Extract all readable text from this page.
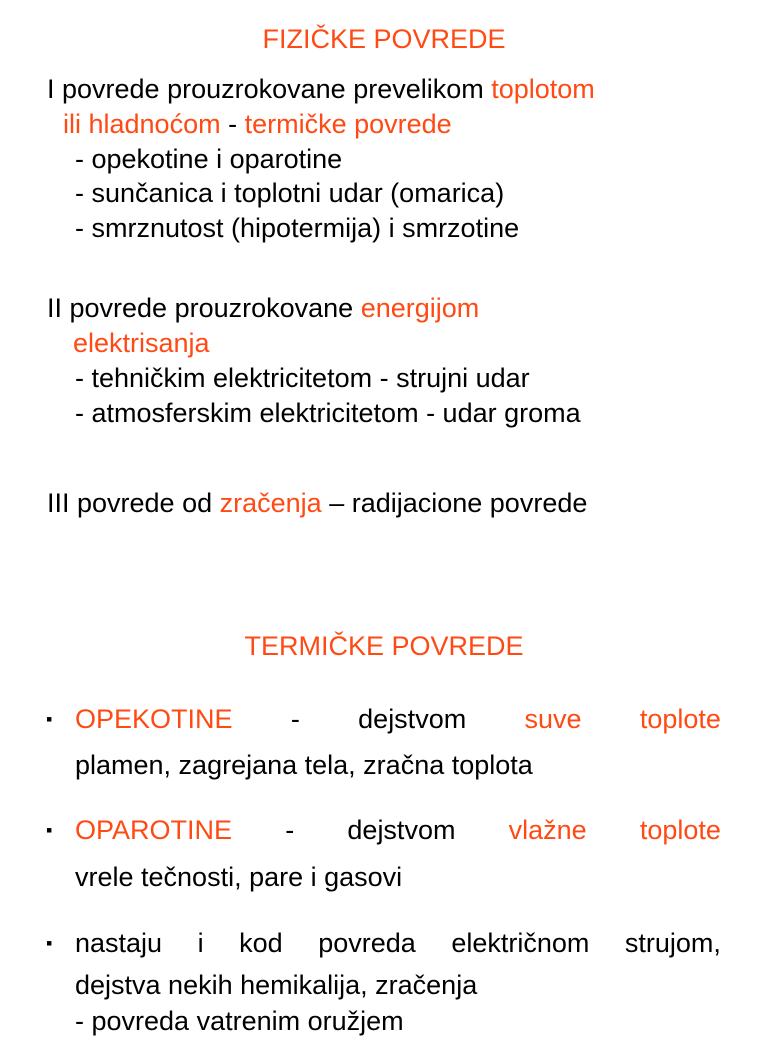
FIZIČKE POVREDE
I povrede prouzrokovane prevelikom toplotom
ili hladnoćom - termičke povrede
- opekotine i oparotine
- sunčanica i toplotni udar (omarica)
- smrznutost (hipotermija) i smrzotine
II povrede prouzrokovane energijom
elektrisanja
- tehničkim elektricitetom - strujni udar
- atmosferskim elektricitetom - udar groma
III povrede od zračenja – radijacione povrede
TERMIČKE POVREDE
▪ OPEKOTINE - dejstvom suve toplote
plamen, zagrejana tela, zračna toplota
▪ OPAROTINE - dejstvom vlažne toplote
vrele tečnosti, pare i gasovi
▪ nastaju i kod povreda električnom strujom,
dejstva nekih hemikalija, zračenja
- povreda vatrenim oružjem
